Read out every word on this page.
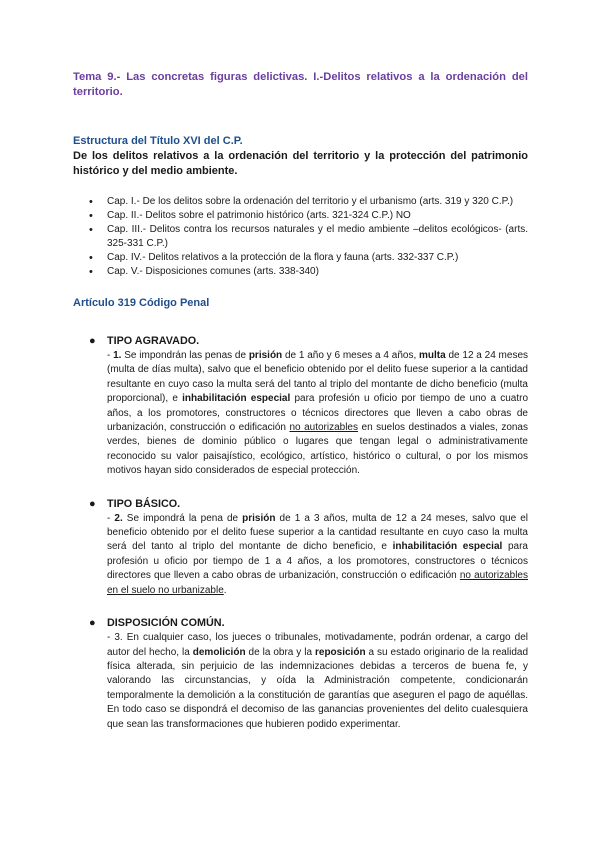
Tema 9.- Las concretas figuras delictivas. I.-Delitos relativos a la ordenación del territorio.

Estructura del Título XVI del C.P.

De los delitos relativos a la ordenación del territorio y la protección del patrimonio histórico y del medio ambiente.

• Cap. I.- De los delitos sobre la ordenación del territorio y el urbanismo (arts. 319 y 320 C.P.)
• Cap. II.- Delitos sobre el patrimonio histórico (arts. 321-324 C.P.) NO
• Cap. III.- Delitos contra los recursos naturales y el medio ambiente –delitos ecológicos- (arts. 325-331 C.P.)
• Cap. IV.- Delitos relativos a la protección de la flora y fauna (arts. 332-337 C.P.)
• Cap. V.- Disposiciones comunes (arts. 338-340)

Artículo 319 Código Penal

● TIPO AGRAVADO.

- 1. Se impondrán las penas de prisión de 1 año y 6 meses a 4 años, multa de 12 a 24 meses (multa de días multa), salvo que el beneficio obtenido por el delito fuese superior a la cantidad resultante en cuyo caso la multa será del tanto al triplo del montante de dicho beneficio (multa proporcional), e inhabilitación especial para profesión u oficio por tiempo de uno a cuatro años, a los promotores, constructores o técnicos directores que lleven a cabo obras de urbanización, construcción o edificación no autorizables en suelos destinados a viales, zonas verdes, bienes de dominio público o lugares que tengan legal o administrativamente reconocido su valor paisajístico, ecológico, artístico, histórico o cultural, o por los mismos motivos hayan sido considerados de especial protección.

● TIPO BÁSICO.

- 2. Se impondrá la pena de prisión de 1 a 3 años, multa de 12 a 24 meses, salvo que el beneficio obtenido por el delito fuese superior a la cantidad resultante en cuyo caso la multa será del tanto al triplo del montante de dicho beneficio, e inhabilitación especial para profesión u oficio por tiempo de 1 a 4 años, a los promotores, constructores o técnicos directores que lleven a cabo obras de urbanización, construcción o edificación no autorizables en el suelo no urbanizable.

● DISPOSICIÓN COMÚN.

- 3. En cualquier caso, los jueces o tribunales, motivadamente, podrán ordenar, a cargo del autor del hecho, la demolición de la obra y la reposición a su estado originario de la realidad física alterada, sin perjuicio de las indemnizaciones debidas a terceros de buena fe, y valorando las circunstancias, y oída la Administración competente, condicionarán temporalmente la demolición a la constitución de garantías que aseguren el pago de aquéllas. En todo caso se dispondrá el decomiso de las ganancias provenientes del delito cualesquiera que sean las transformaciones que hubieren podido experimentar.
